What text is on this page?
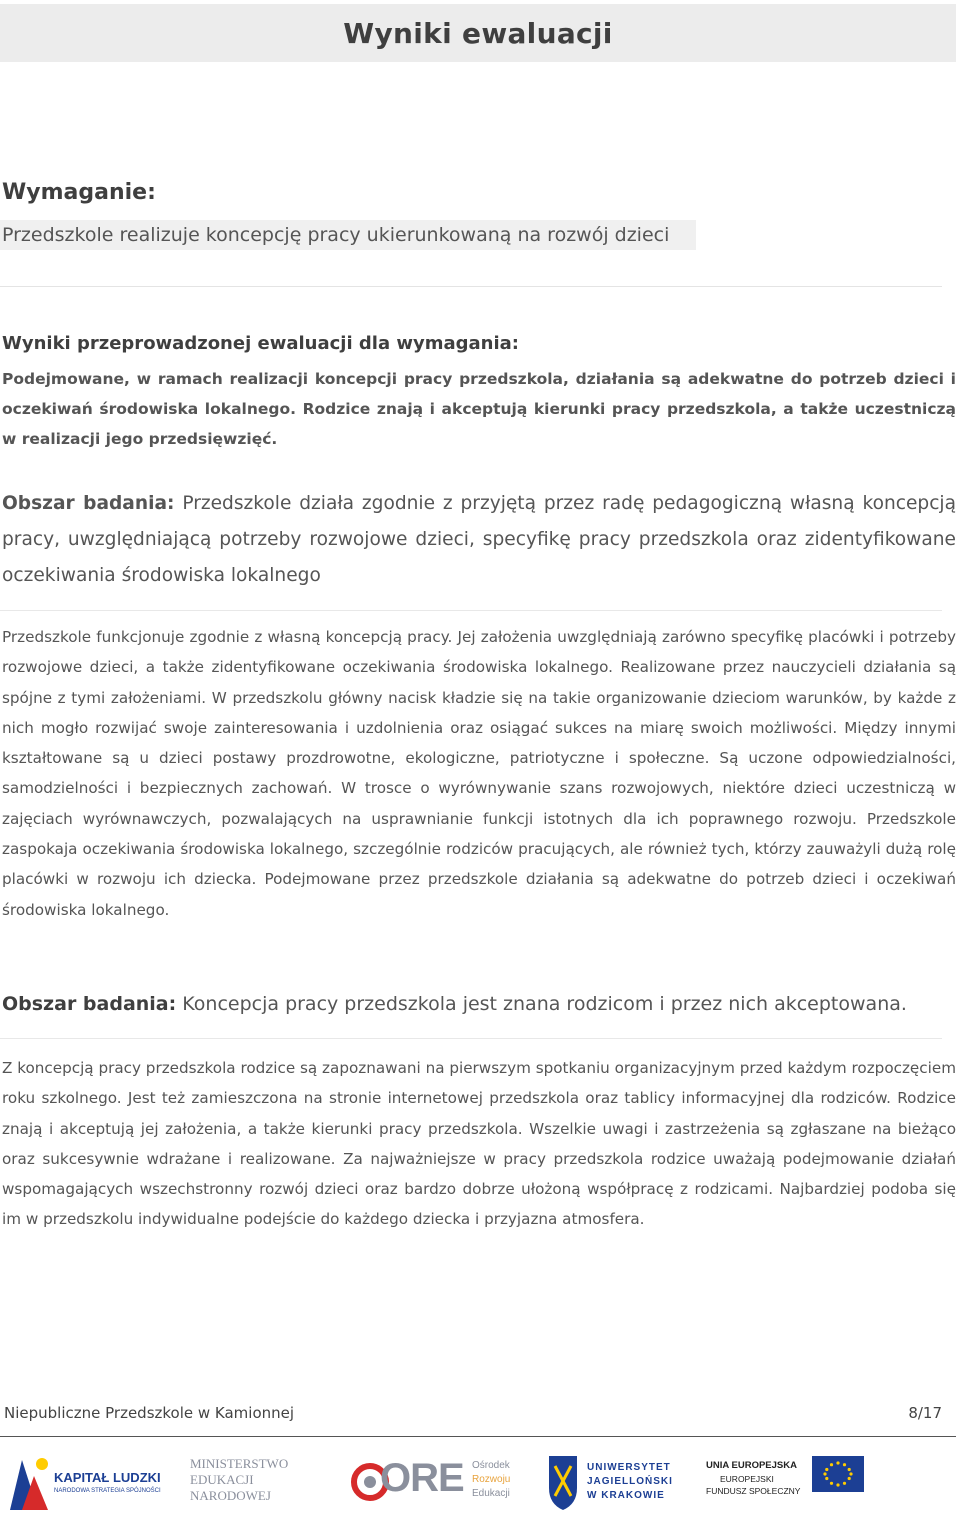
Wyniki ewaluacji
Wymaganie:
Przedszkole realizuje koncepcję pracy ukierunkowaną na rozwój dzieci
Wyniki przeprowadzonej ewaluacji dla wymagania:
Podejmowane, w ramach realizacji koncepcji pracy przedszkola, działania są adekwatne do potrzeb dzieci i oczekiwań środowiska lokalnego. Rodzice znają i akceptują kierunki pracy przedszkola, a także uczestniczą w realizacji jego przedsięwzięć.
Obszar badania: Przedszkole działa zgodnie z przyjętą przez radę pedagogiczną własną koncepcją pracy, uwzględniającą potrzeby rozwojowe dzieci, specyfikę pracy przedszkola oraz zidentyfikowane oczekiwania środowiska lokalnego
Przedszkole funkcjonuje zgodnie z własną koncepcją pracy. Jej założenia uwzględniają zarówno specyfikę placówki i potrzeby rozwojowe dzieci, a także zidentyfikowane oczekiwania środowiska lokalnego. Realizowane przez nauczycieli działania są spójne z tymi założeniami. W przedszkolu główny nacisk kładzie się na takie organizowanie dzieciom warunków, by każde z nich mogło rozwijać swoje zainteresowania i uzdolnienia oraz osiągać sukces na miarę swoich możliwości. Między innymi kształtowane są u dzieci postawy prozdrowotne, ekologiczne, patriotyczne i społeczne. Są uczone odpowiedzialności, samodzielności i bezpiecznych zachowań. W trosce o wyrównywanie szans rozwojowych, niektóre dzieci uczestniczą w zajęciach wyrównawczych, pozwalających na usprawnianie funkcji istotnych dla ich poprawnego rozwoju. Przedszkole zaspokaja oczekiwania środowiska lokalnego, szczególnie rodziców pracujących, ale również tych, którzy zauważyli dużą rolę placówki w rozwoju ich dziecka. Podejmowane przez przedszkole działania są adekwatne do potrzeb dzieci i oczekiwań środowiska lokalnego.
Obszar badania: Koncepcja pracy przedszkola jest znana rodzicom i przez nich akceptowana.
Z koncepcją pracy przedszkola rodzice są zapoznawani na pierwszym spotkaniu organizacyjnym przed każdym rozpoczęciem roku szkolnego. Jest też zamieszczona na stronie internetowej przedszkola oraz tablicy informacyjnej dla rodziców. Rodzice znają i akceptują jej założenia, a także kierunki pracy przedszkola. Wszelkie uwagi i zastrzeżenia są zgłaszane na bieżąco oraz sukcesywnie wdrażane i realizowane. Za najważniejsze w pracy przedszkola rodzice uważają podejmowanie działań wspomagających wszechstronny rozwój dzieci oraz bardzo dobrze ułożoną współpracę z rodzicami. Najbardziej podoba się im w przedszkolu indywidualne podejście do każdego dziecka i przyjazna atmosfera.
Niepubliczne Przedszkole w Kamionnej	8/17
KAPITAŁ LUDZKI
NARODOWA STRATEGIA SPÓJNOŚCI
MINISTERSTWO
EDUKACJI
NARODOWEJ	ORE Ośrodek
Rozwoju
Edukacji
UNIWERSYTET
JAGIELLOŃSKI
W KRAKOWIE
UNIA EUROPEJSKA
EUROPEJSKI
FUNDUSZ SPOŁECZNY
